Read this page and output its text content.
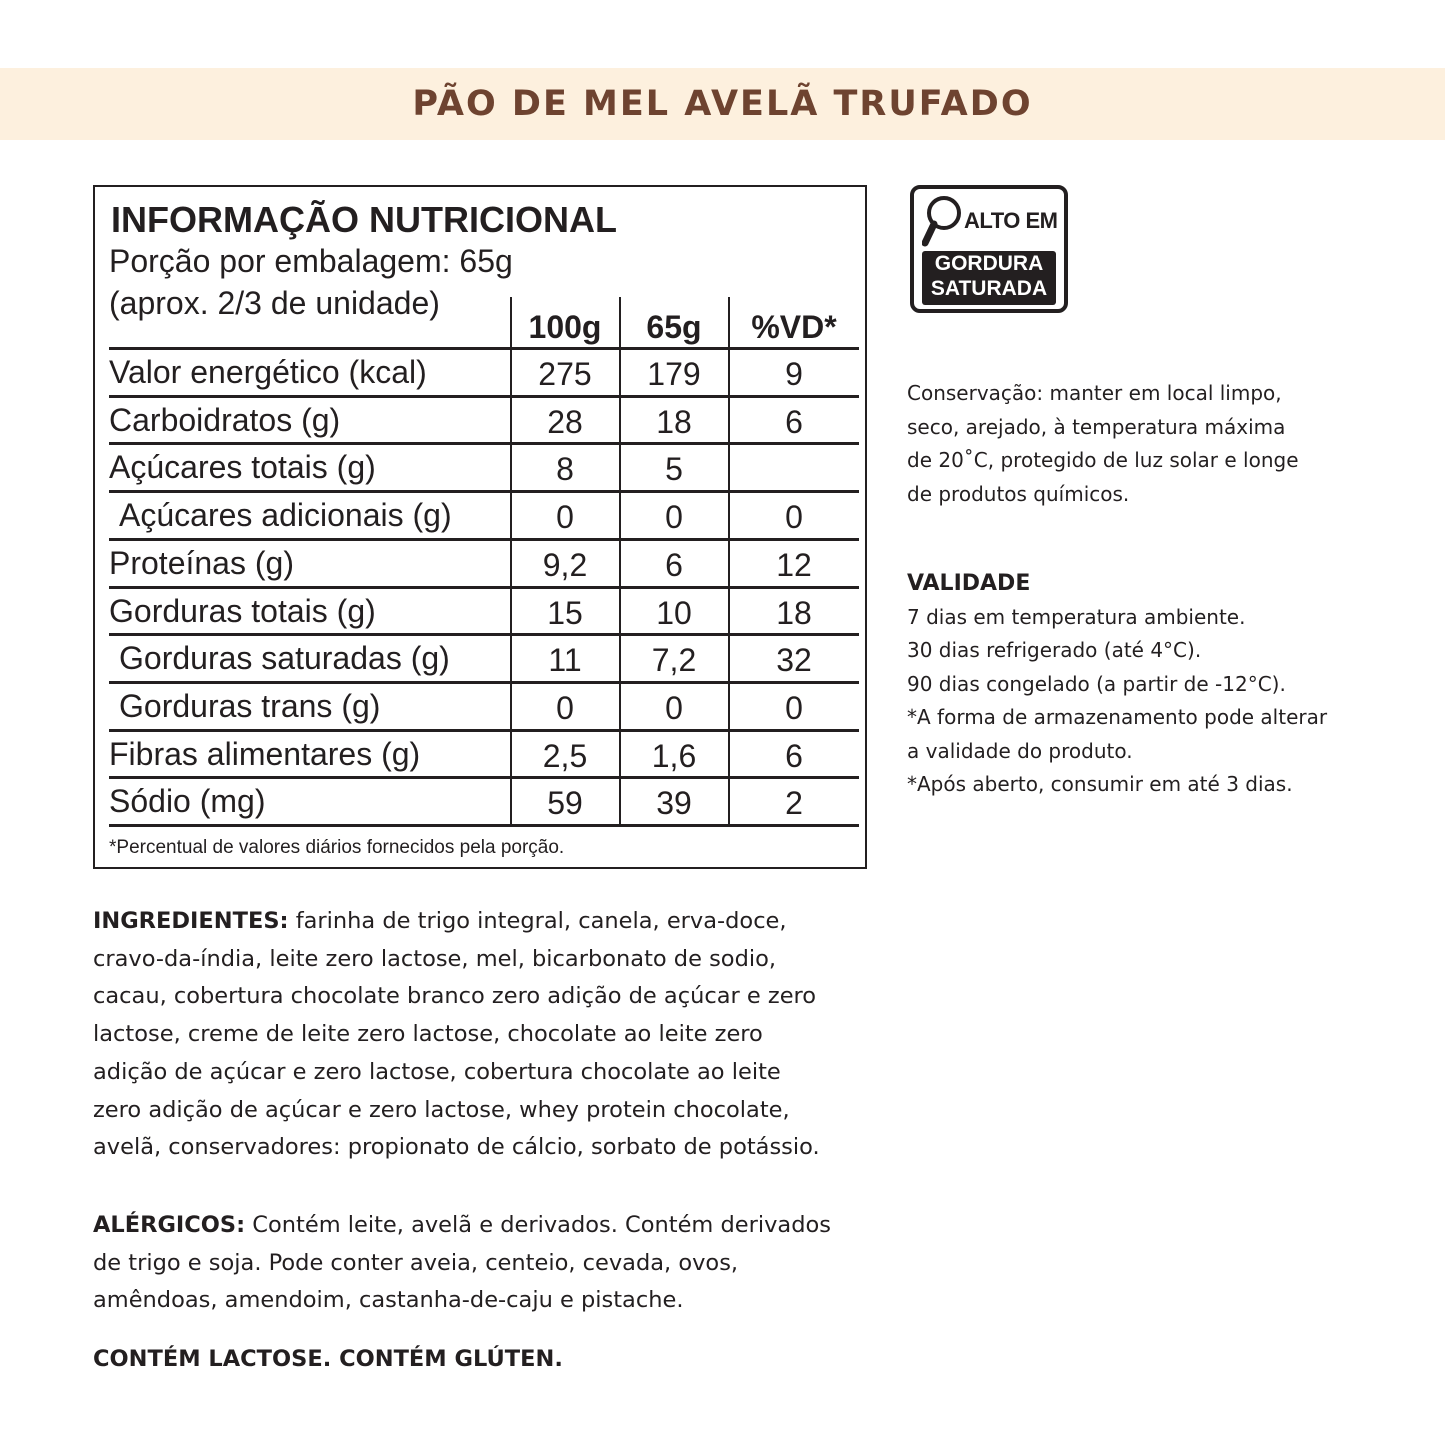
PÃO DE MEL AVELÃ TRUFADO
INFORMAÇÃO NUTRICIONAL
Porção por embalagem: 65g
(aprox. 2/3 de unidade)
100g	65g	%VD*
Valor energético (kcal)	275	179	9
Carboidratos (g)	28	18	6
Açúcares totais (g)	8	5
Açúcares adicionais (g)	0	0	0
Proteínas (g)	9,2	6	12
Gorduras totais (g)	15	10	18
Gorduras saturadas (g)	11	7,2	32
Gorduras trans (g)	0	0	0
Fibras alimentares (g)	2,5	1,6	6
Sódio (mg)	59	39	2
*Percentual de valores diários fornecidos pela porção.
ALTO EM
GORDURA
SATURADA

Conservação: manter em local limpo,

seco, arejado, à temperatura máxima

de 20˚C, protegido de luz solar e longe

de produtos químicos.

VALIDADE

7 dias em temperatura ambiente.

30 dias refrigerado (até 4°C).

90 dias congelado (a partir de -12°C).

*A forma de armazenamento pode alterar

a validade do produto.

*Após aberto, consumir em até 3 dias.

INGREDIENTES: farinha de trigo integral, canela, erva-doce,

cravo-da-índia, leite zero lactose, mel, bicarbonato de sodio,

cacau, cobertura chocolate branco zero adição de açúcar e zero

lactose, creme de leite zero lactose, chocolate ao leite zero

adição de açúcar e zero lactose, cobertura chocolate ao leite

zero adição de açúcar e zero lactose, whey protein chocolate,

avelã, conservadores: propionato de cálcio, sorbato de potássio.

ALÉRGICOS: Contém leite, avelã e derivados. Contém derivados

de trigo e soja. Pode conter aveia, centeio, cevada, ovos,

amêndoas, amendoim, castanha-de-caju e pistache.

CONTÉM LACTOSE. CONTÉM GLÚTEN.
